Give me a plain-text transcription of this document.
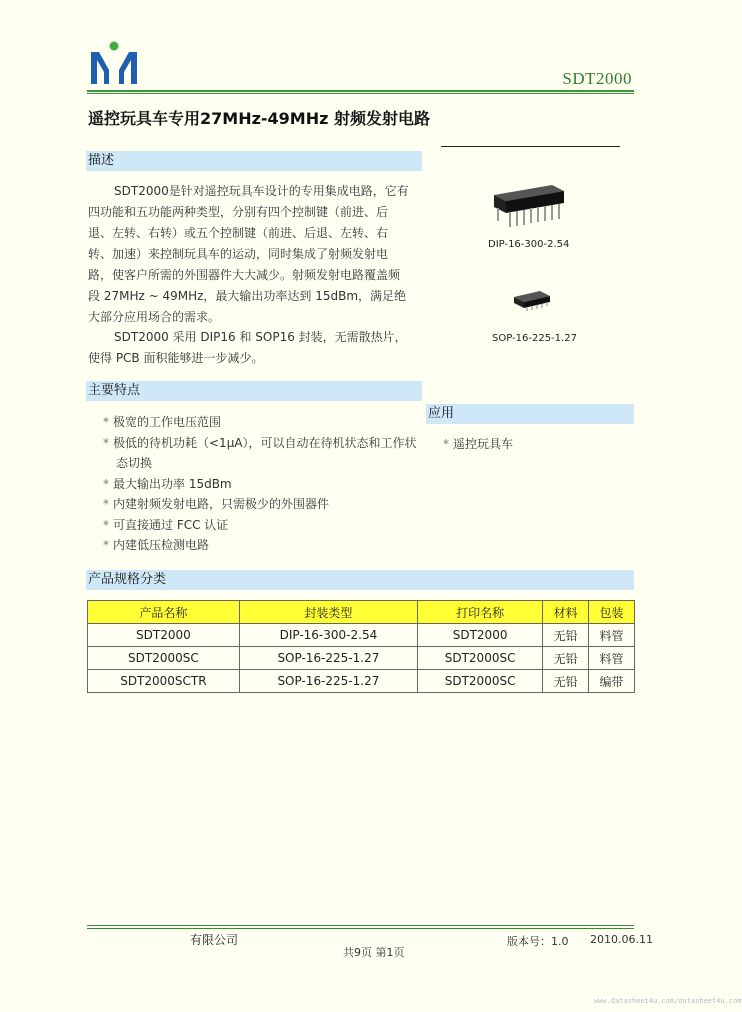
SDT2000
遥控玩具车专用27MHz-49MHz 射频发射电路
描述
SDT2000是针对遥控玩具车设计的专用集成电路，它有四功能和五功能两种类型，分别有四个控制键（前进、后退、左转、右转）或五个控制键（前进、后退、左转、右转、加速）来控制玩具车的运动，同时集成了射频发射电路，使客户所需的外围器件大大减少。射频发射电路覆盖频段 27MHz ~ 49MHz，最大输出功率达到 15dBm，满足绝大部分应用场合的需求。
SDT2000 采用 DIP16 和 SOP16 封装，无需散热片，使得 PCB 面积能够进一步减少。
DIP-16-300-2.54
SOP-16-225-1.27
主要特点
* 极宽的工作电压范围
* 极低的待机功耗（<1μA），可以自动在待机状态和工作状态切换
* 最大输出功率 15dBm
* 内建射频发射电路，只需极少的外围器件
* 可直接通过 FCC 认证
* 内建低压检测电路
应用
* 遥控玩具车
产品规格分类
产品名称	封装类型	打印名称	材料	包装
SDT2000	DIP-16-300-2.54	SDT2000	无铅	料管
SDT2000SC	SOP-16-225-1.27	SDT2000SC	无铅	料管
SDT2000SCTR	SOP-16-225-1.27	SDT2000SC	无铅	编带
有限公司	版本号：1.0 2010.06.11
共9页 第1页
www.datasheet4u.com/datasheet4u.com
